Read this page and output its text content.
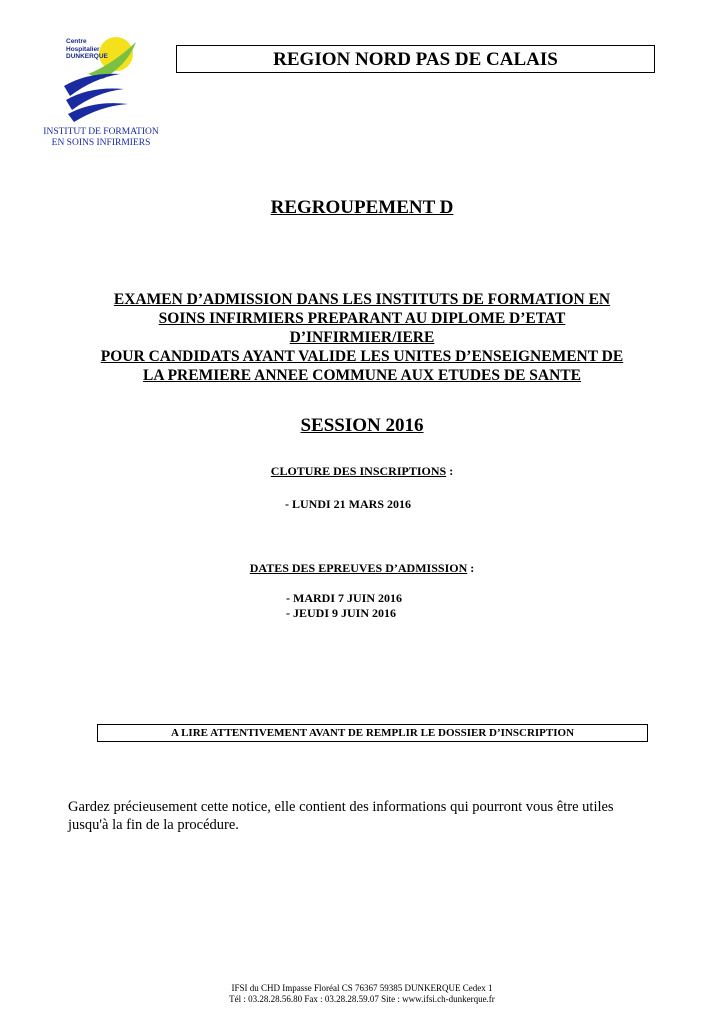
Centre
Hospitalier
DUNKERQUE
INSTITUT DE FORMATION
EN SOINS INFIRMIERS
REGION NORD PAS DE CALAIS
REGROUPEMENT D
EXAMEN D’ADMISSION DANS LES INSTITUTS DE FORMATION EN
SOINS INFIRMIERS PREPARANT AU DIPLOME D’ETAT
D’INFIRMIER/IERE
POUR CANDIDATS AYANT VALIDE LES UNITES D’ENSEIGNEMENT DE
LA PREMIERE ANNEE COMMUNE AUX ETUDES DE SANTE
SESSION 2016
CLOTURE DES INSCRIPTIONS :
- LUNDI 21 MARS 2016
DATES DES EPREUVES D’ADMISSION :
- MARDI 7 JUIN 2016
- JEUDI 9 JUIN 2016
A LIRE ATTENTIVEMENT AVANT DE REMPLIR LE DOSSIER D’INSCRIPTION
Gardez précieusement cette notice, elle contient des informations qui pourront vous être utiles
jusqu'à la fin de la procédure.
IFSI du CHD Impasse Floréal CS 76367 59385 DUNKERQUE Cedex 1
Tél : 03.28.28.56.80 Fax : 03.28.28.59.07 Site : www.ifsi.ch-dunkerque.fr
